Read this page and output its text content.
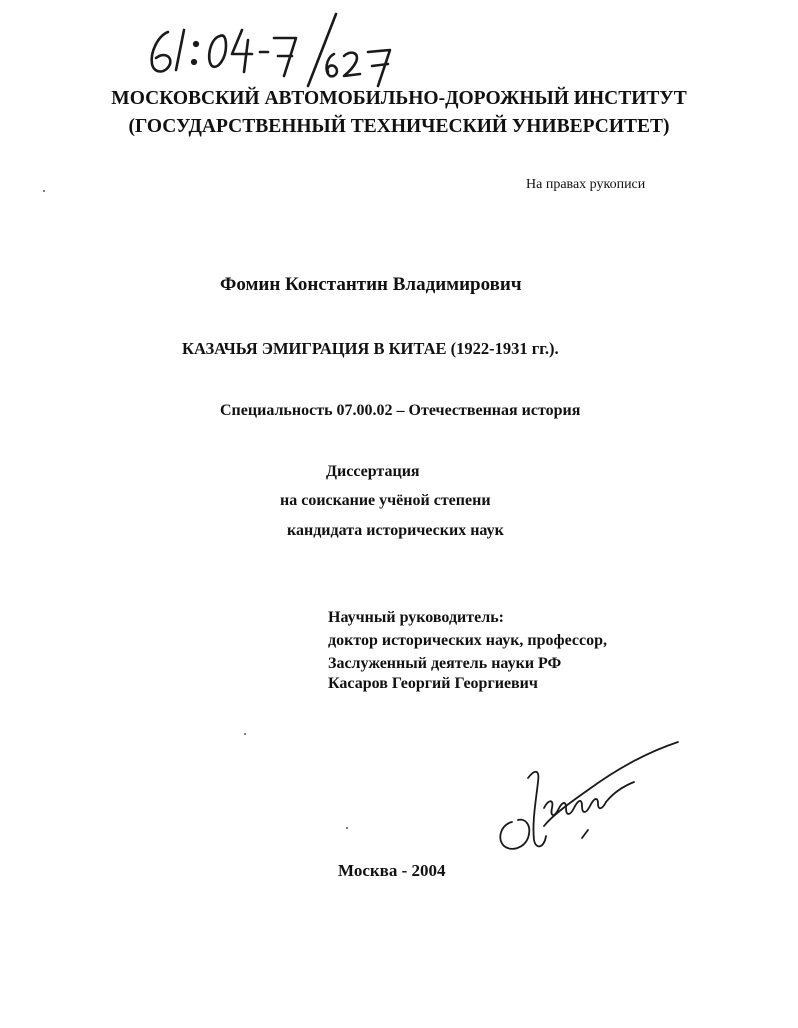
МОСКОВСКИЙ АВТОМОБИЛЬНО-ДОРОЖНЫЙ ИНСТИТУТ
(ГОСУДАРСТВЕННЫЙ ТЕХНИЧЕСКИЙ УНИВЕРСИТЕТ)
На правах рукописи
Фомин Константин Владимирович
КАЗАЧЬЯ ЭМИГРАЦИЯ В КИТАЕ (1922-1931 гг.).
Специальность 07.00.02 – Отечественная история
Диссертация
на соискание учёной степени
кандидата исторических наук
Научный руководитель:
доктор исторических наук, профессор,
Заслуженный деятель науки РФ
Касаров Георгий Георгиевич
Москва - 2004
